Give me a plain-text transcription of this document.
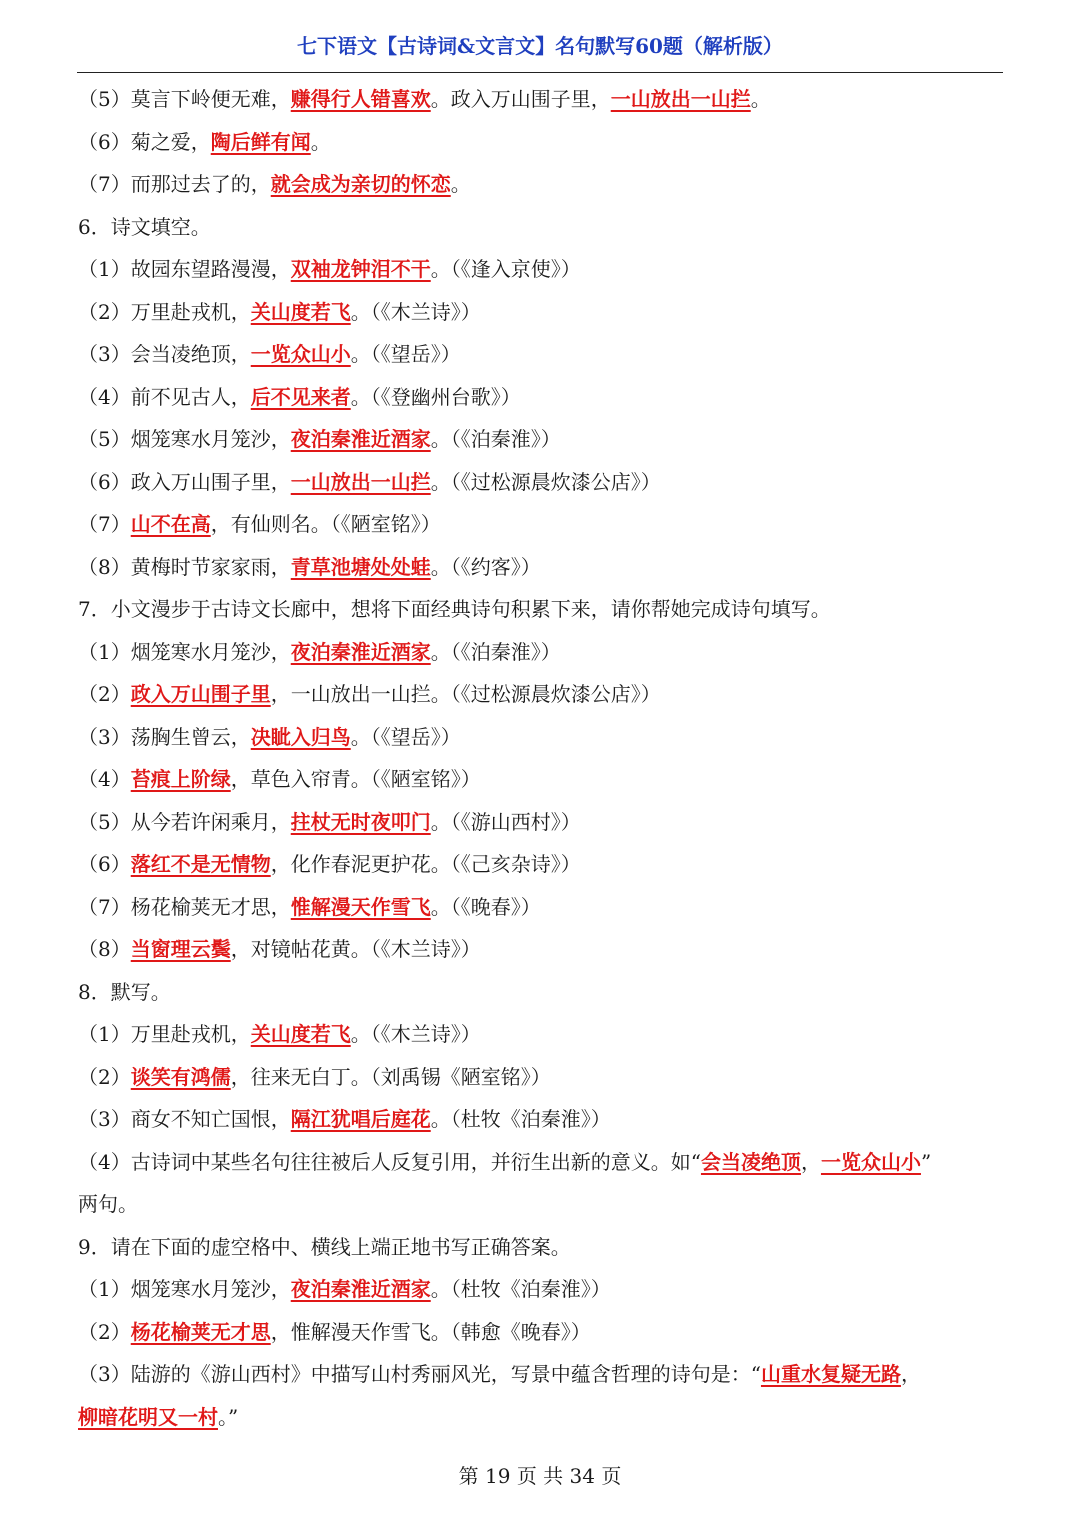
七下语文【古诗词&文言文】名句默写60题（解析版）
（5）莫言下岭便无难，赚得行人错喜欢。政入万山围子里，一山放出一山拦。
（6）菊之爱，陶后鲜有闻。
（7）而那过去了的，就会成为亲切的怀恋。
6．诗文填空。
（1）故园东望路漫漫，双袖龙钟泪不干。（《逢入京使》）
（2）万里赴戎机，关山度若飞。（《木兰诗》）
（3）会当凌绝顶，一览众山小。（《望岳》）
（4）前不见古人，后不见来者。（《登幽州台歌》）
（5）烟笼寒水月笼沙，夜泊秦淮近酒家。（《泊秦淮》）
（6）政入万山围子里，一山放出一山拦。（《过松源晨炊漆公店》）
（7）山不在高，有仙则名。（《陋室铭》）
（8）黄梅时节家家雨，青草池塘处处蛙。（《约客》）
7．小文漫步于古诗文长廊中，想将下面经典诗句积累下来，请你帮她完成诗句填写。
（1）烟笼寒水月笼沙，夜泊秦淮近酒家。（《泊秦淮》）
（2）政入万山围子里，一山放出一山拦。（《过松源晨炊漆公店》）
（3）荡胸生曾云，决眦入归鸟。（《望岳》）
（4）苔痕上阶绿，草色入帘青。（《陋室铭》）
（5）从今若许闲乘月，拄杖无时夜叩门。（《游山西村》）
（6）落红不是无情物，化作春泥更护花。（《己亥杂诗》）
（7）杨花榆荚无才思，惟解漫天作雪飞。（《晚春》）
（8）当窗理云鬓，对镜帖花黄。（《木兰诗》）
8．默写。
（1）万里赴戎机，关山度若飞。（《木兰诗》）
（2）谈笑有鸿儒，往来无白丁。（刘禹锡《陋室铭》）
（3）商女不知亡国恨，隔江犹唱后庭花。（杜牧《泊秦淮》）
（4）古诗词中某些名句往往被后人反复引用，并衍生出新的意义。如“会当凌绝顶，一览众山小”
两句。
9．请在下面的虚空格中、横线上端正地书写正确答案。
（1）烟笼寒水月笼沙，夜泊秦淮近酒家。（杜牧《泊秦淮》）
（2）杨花榆荚无才思，惟解漫天作雪飞。（韩愈《晚春》）
（3）陆游的《游山西村》中描写山村秀丽风光，写景中蕴含哲理的诗句是：“山重水复疑无路，
柳暗花明又一村。”
第 19 页 共 34 页
